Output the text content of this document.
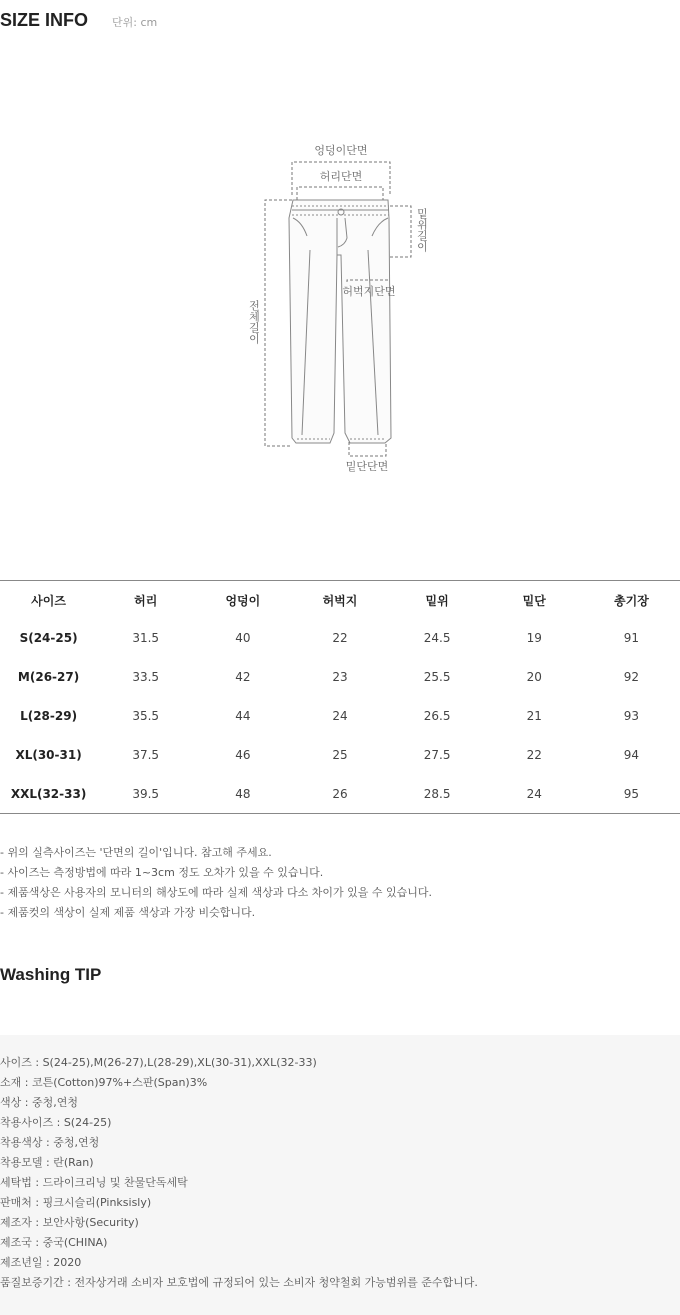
SIZE INFO 단위: cm
엉덩이단면
허리단면
허벅지단면
밑단단면
밑위길이
전체길이
사이즈	허리	엉덩이	허벅지	밑위	밑단	총기장
S(24-25)	31.5	40	22	24.5	19	91
M(26-27)	33.5	42	23	25.5	20	92
L(28-29)	35.5	44	24	26.5	21	93
XL(30-31)	37.5	46	25	27.5	22	94
XXL(32-33)	39.5	48	26	28.5	24	95
- 위의 실측사이즈는 '단면의 길이'입니다. 참고해 주세요.
- 사이즈는 측정방법에 따라 1~3cm 정도 오차가 있을 수 있습니다.
- 제품색상은 사용자의 모니터의 해상도에 따라 실제 색상과 다소 차이가 있을 수 있습니다.
- 제품컷의 색상이 실제 제품 색상과 가장 비슷합니다.
Washing TIP
사이즈 : S(24-25),M(26-27),L(28-29),XL(30-31),XXL(32-33)
소재 : 코튼(Cotton)97%+스판(Span)3%
색상 : 중청,연청
착용사이즈 : S(24-25)
착용색상 : 중청,연청
착용모델 : 란(Ran)
세탁법 : 드라이크리닝 및 찬물단독세탁
판매처 : 핑크시슬리(Pinksisly)
제조자 : 보안사항(Security)
제조국 : 중국(CHINA)
제조년일 : 2020
품질보증기간 : 전자상거래 소비자 보호법에 규정되어 있는 소비자 청약철회 가능범위를 준수합니다.
